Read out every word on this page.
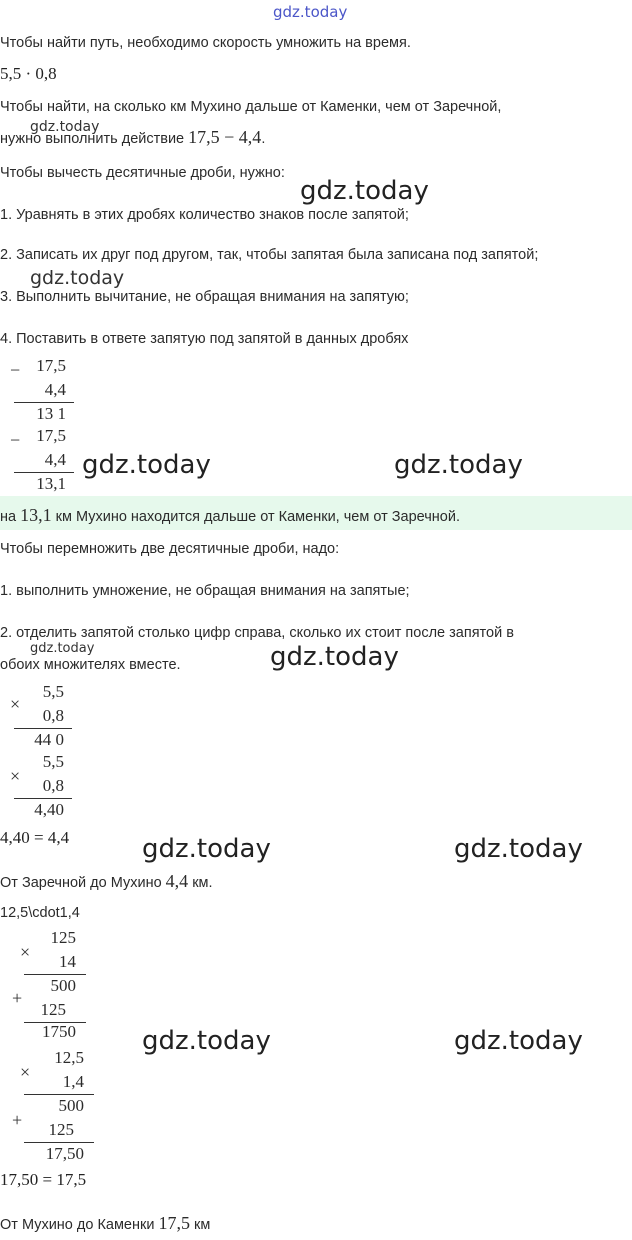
gdz.today
Чтобы найти путь, необходимо скорость умножить на время.
5,5 · 0,8
Чтобы найти, на сколько км Мухино дальше от Каменки, чем от Заречной,
нужно выполнить действие 17,5 − 4,4.
Чтобы вычесть десятичные дроби, нужно:
1. Уравнять в этих дробях количество знаков после запятой;
2. Записать их друг под другом, так, чтобы запятая была записана под запятой;
3. Выполнить вычитание, не обращая внимания на запятую;
4. Поставить в ответе запятую под запятой в данных дробях
− 17,5
4,4
13 1
− 17,5
4,4
13,1
на 13,1 км Мухино находится дальше от Каменки, чем от Заречной.
Чтобы перемножить две десятичные дроби, надо:
1. выполнить умножение, не обращая внимания на запятые;
2. отделить запятой столько цифр справа, сколько их стоит после запятой в
обоих множителях вместе.
×
5,5
0,8
44 0
×
5,5
0,8
4,40
4,40 = 4,4
От Заречной до Мухино 4,4 км.
12,5\cdot1,4
×
125
14
+
500
125
1750
×
12,5
1,4
+
500
125
17,50
17,50 = 17,5
От Мухино до Каменки 17,5 км
gdz.today
gdz.today
gdz.today
gdz.today	gdz.today
gdz.today	gdz.today
gdz.today	gdz.today
gdz.today	gdz.today
